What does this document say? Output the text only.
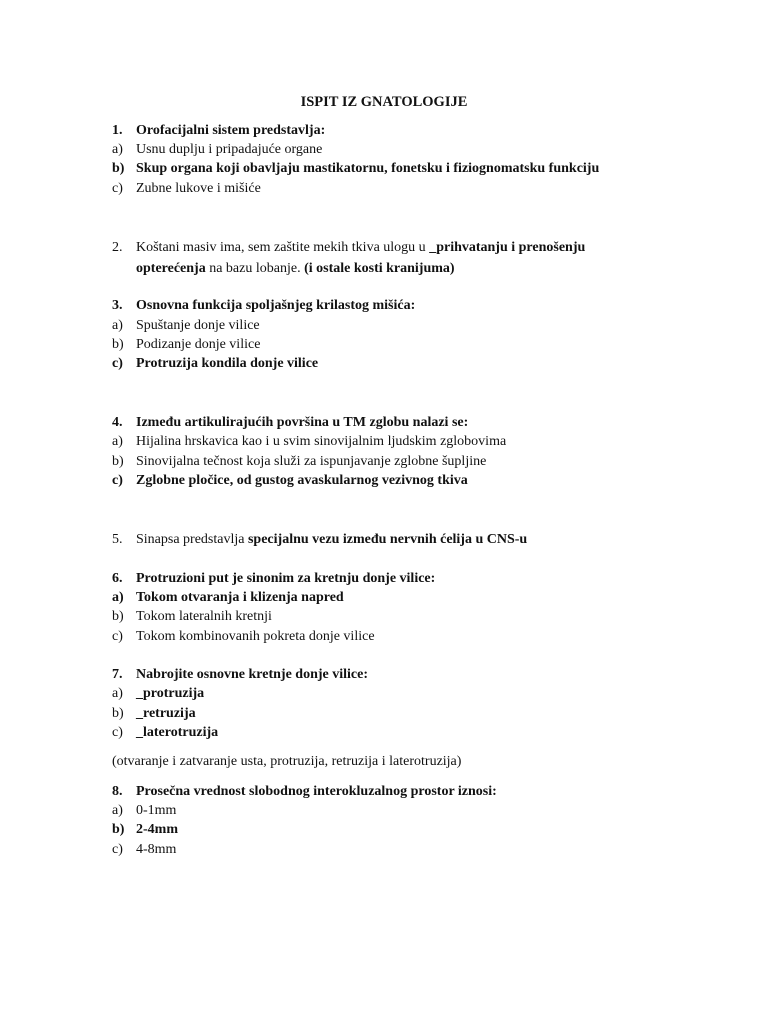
ISPIT IZ GNATOLOGIJE
1. Orofacijalni sistem predstavlja:
a) Usnu duplju i pripadajuće organe
b) Skup organa koji obavljaju mastikatornu, fonetsku i fiziognomatsku funkciju
c) Zubne lukove i mišiće
2. Koštani masiv ima, sem zaštite mekih tkiva ulogu u _prihvatanju i prenošenju
opterećenja na bazu lobanje. (i ostale kosti kranijuma)
3. Osnovna funkcija spoljašnjeg krilastog mišića:
a) Spuštanje donje vilice
b) Podizanje donje vilice
c) Protruzija kondila donje vilice
4. Između artikulirajućih površina u TM zglobu nalazi se:
a) Hijalina hrskavica kao i u svim sinovijalnim ljudskim zglobovima
b) Sinovijalna tečnost koja služi za ispunjavanje zglobne šupljine
c) Zglobne pločice, od gustog avaskularnog vezivnog tkiva
5. Sinapsa predstavlja specijalnu vezu između nervnih ćelija u CNS-u
6. Protruzioni put je sinonim za kretnju donje vilice:
a) Tokom otvaranja i klizenja napred
b) Tokom lateralnih kretnji
c) Tokom kombinovanih pokreta donje vilice
7. Nabrojite osnovne kretnje donje vilice:
a) _protruzija
b) _retruzija
c) _laterotruzija
(otvaranje i zatvaranje usta, protruzija, retruzija i laterotruzija)
8. Prosečna vrednost slobodnog interokluzalnog prostor iznosi:
a) 0-1mm
b) 2-4mm
c) 4-8mm
